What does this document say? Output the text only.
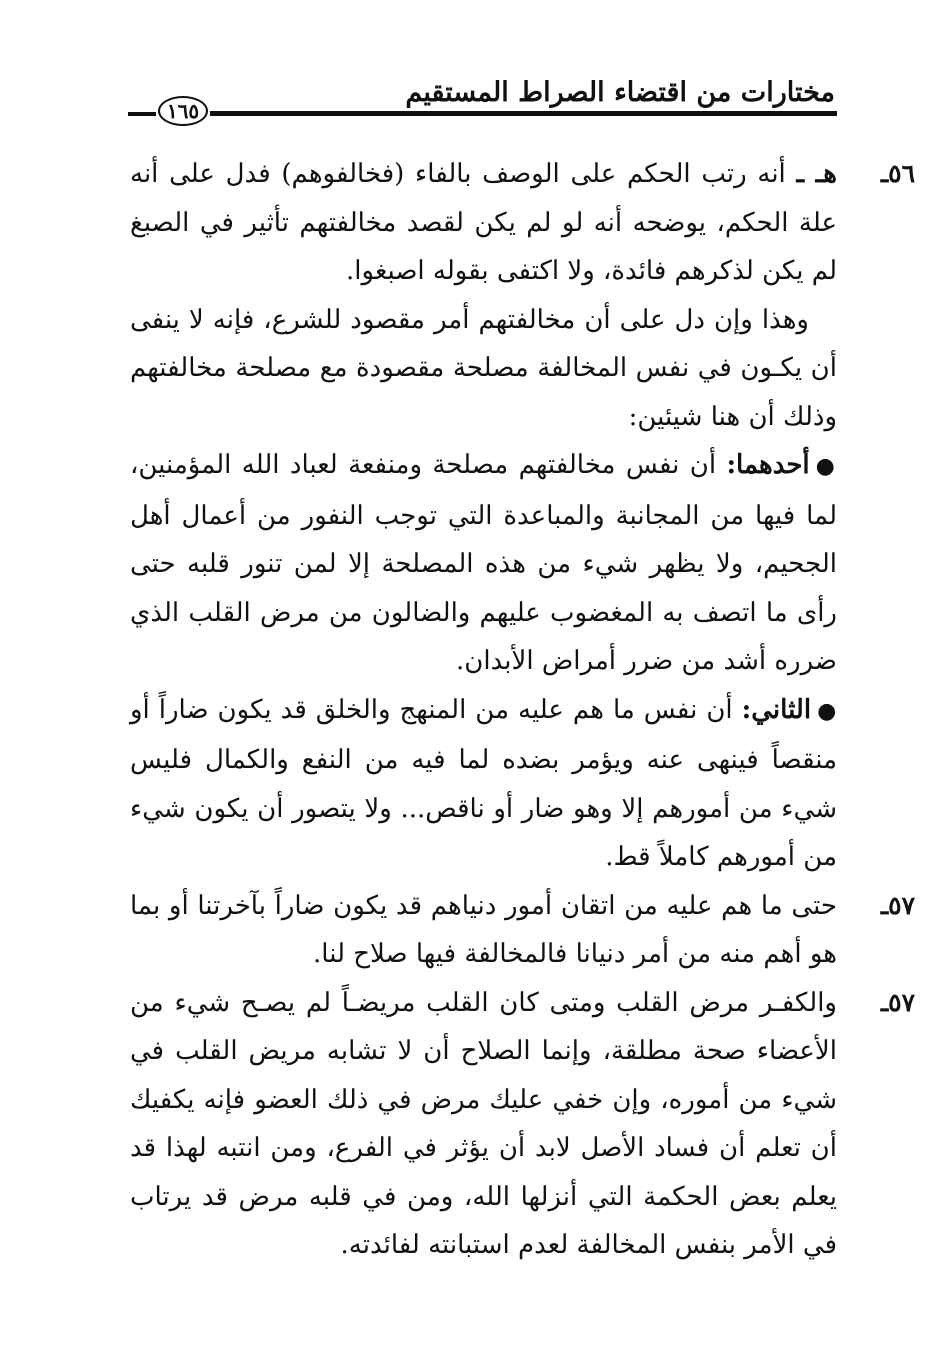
مختارات من اقتضاء الصراط المستقيم
١٦٥
٥٦ـ

هـ ـ أنه رتب الحكم على الوصف بالفاء (فخالفوهم) فدل على أنه علة الحكم، يوضحه أنه لو لم يكن لقصد مخالفتهم تأثير في الصبغ لم يكن لذكرهم فائدة، ولا اكتفى بقوله اصبغوا.

وهذا وإن دل على أن مخالفتهم أمر مقصود للشرع، فإنه لا ينفى أن يكـون في نفس المخالفة مصلحة مقصودة مع مصلحة مخالفتهم وذلك أن هنا شيئين:

●أحدهما: أن نفس مخالفتهم مصلحة ومنفعة لعباد الله المؤمنين، لما فيها من المجانبة والمباعدة التي توجب النفور من أعمال أهل الجحيم، ولا يظهر شيء من هذه المصلحة إلا لمن تنور قلبه حتى رأى ما اتصف به المغضوب عليهم والضالون من مرض القلب الذي ضرره أشد من ضرر أمراض الأبدان.

●الثاني: أن نفس ما هم عليه من المنهج والخلق قد يكون ضاراً أو منقصاً فينهى عنه ويؤمر بضده لما فيه من النفع والكمال فليس شيء من أمورهم إلا وهو ضار أو ناقص... ولا يتصور أن يكون شيء من أمورهم كاملاً قط.

٥٧ـ

حتى ما هم عليه من اتقان أمور دنياهم قد يكون ضاراً بآخرتنا أو بما هو أهم منه من أمر دنيانا فالمخالفة فيها صلاح لنا.

٥٧ـ

والكفـر مرض القلب ومتى كان القلب مريضـاً لم يصـح شيء من الأعضاء صحة مطلقة، وإنما الصلاح أن لا تشابه مريض القلب في شيء من أموره، وإن خفي عليك مرض في ذلك العضو فإنه يكفيك أن تعلم أن فساد الأصل لابد أن يؤثر في الفرع، ومن انتبه لهذا قد يعلم بعض الحكمة التي أنزلها الله، ومن في قلبه مرض قد يرتاب في الأمر بنفس المخالفة لعدم استبانته لفائدته.
